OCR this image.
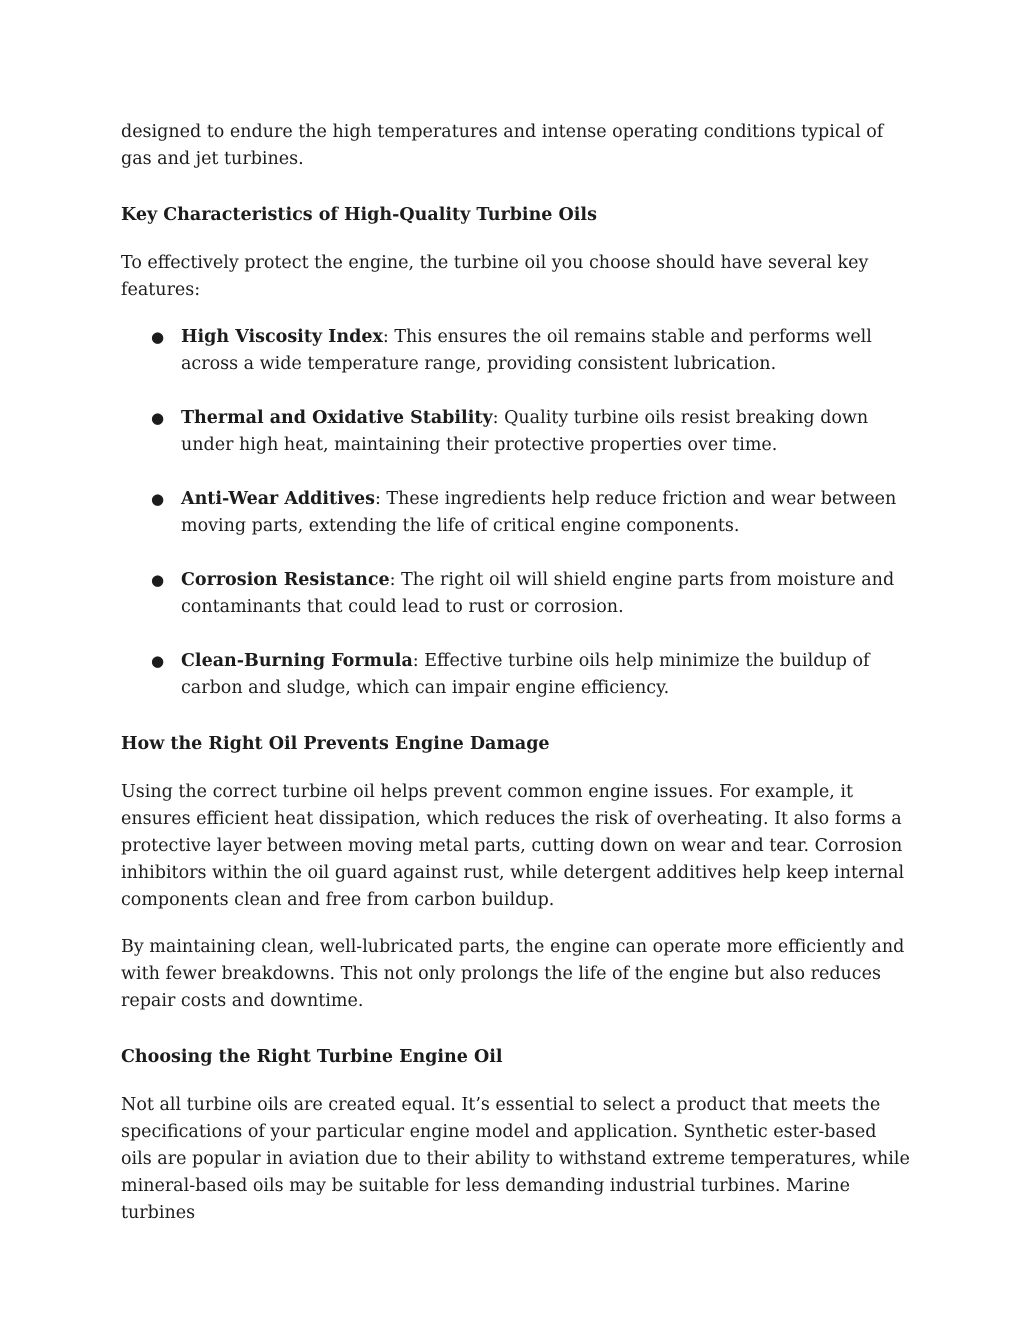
designed to endure the high temperatures and intense operating conditions typical of gas and jet turbines.

Key Characteristics of High-Quality Turbine Oils

To effectively protect the engine, the turbine oil you choose should have several key features:

● High Viscosity Index: This ensures the oil remains stable and performs well across a wide temperature range, providing consistent lubrication.
● Thermal and Oxidative Stability: Quality turbine oils resist breaking down under high heat, maintaining their protective properties over time.
● Anti-Wear Additives: These ingredients help reduce friction and wear between moving parts, extending the life of critical engine components.
● Corrosion Resistance: The right oil will shield engine parts from moisture and contaminants that could lead to rust or corrosion.
● Clean-Burning Formula: Effective turbine oils help minimize the buildup of carbon and sludge, which can impair engine efficiency.

How the Right Oil Prevents Engine Damage

Using the correct turbine oil helps prevent common engine issues. For example, it ensures efficient heat dissipation, which reduces the risk of overheating. It also forms a protective layer between moving metal parts, cutting down on wear and tear. Corrosion inhibitors within the oil guard against rust, while detergent additives help keep internal components clean and free from carbon buildup.

By maintaining clean, well-lubricated parts, the engine can operate more efficiently and with fewer breakdowns. This not only prolongs the life of the engine but also reduces repair costs and downtime.

Choosing the Right Turbine Engine Oil

Not all turbine oils are created equal. It’s essential to select a product that meets the specifications of your particular engine model and application. Synthetic ester-based oils are popular in aviation due to their ability to withstand extreme temperatures, while mineral-based oils may be suitable for less demanding industrial turbines. Marine turbines
